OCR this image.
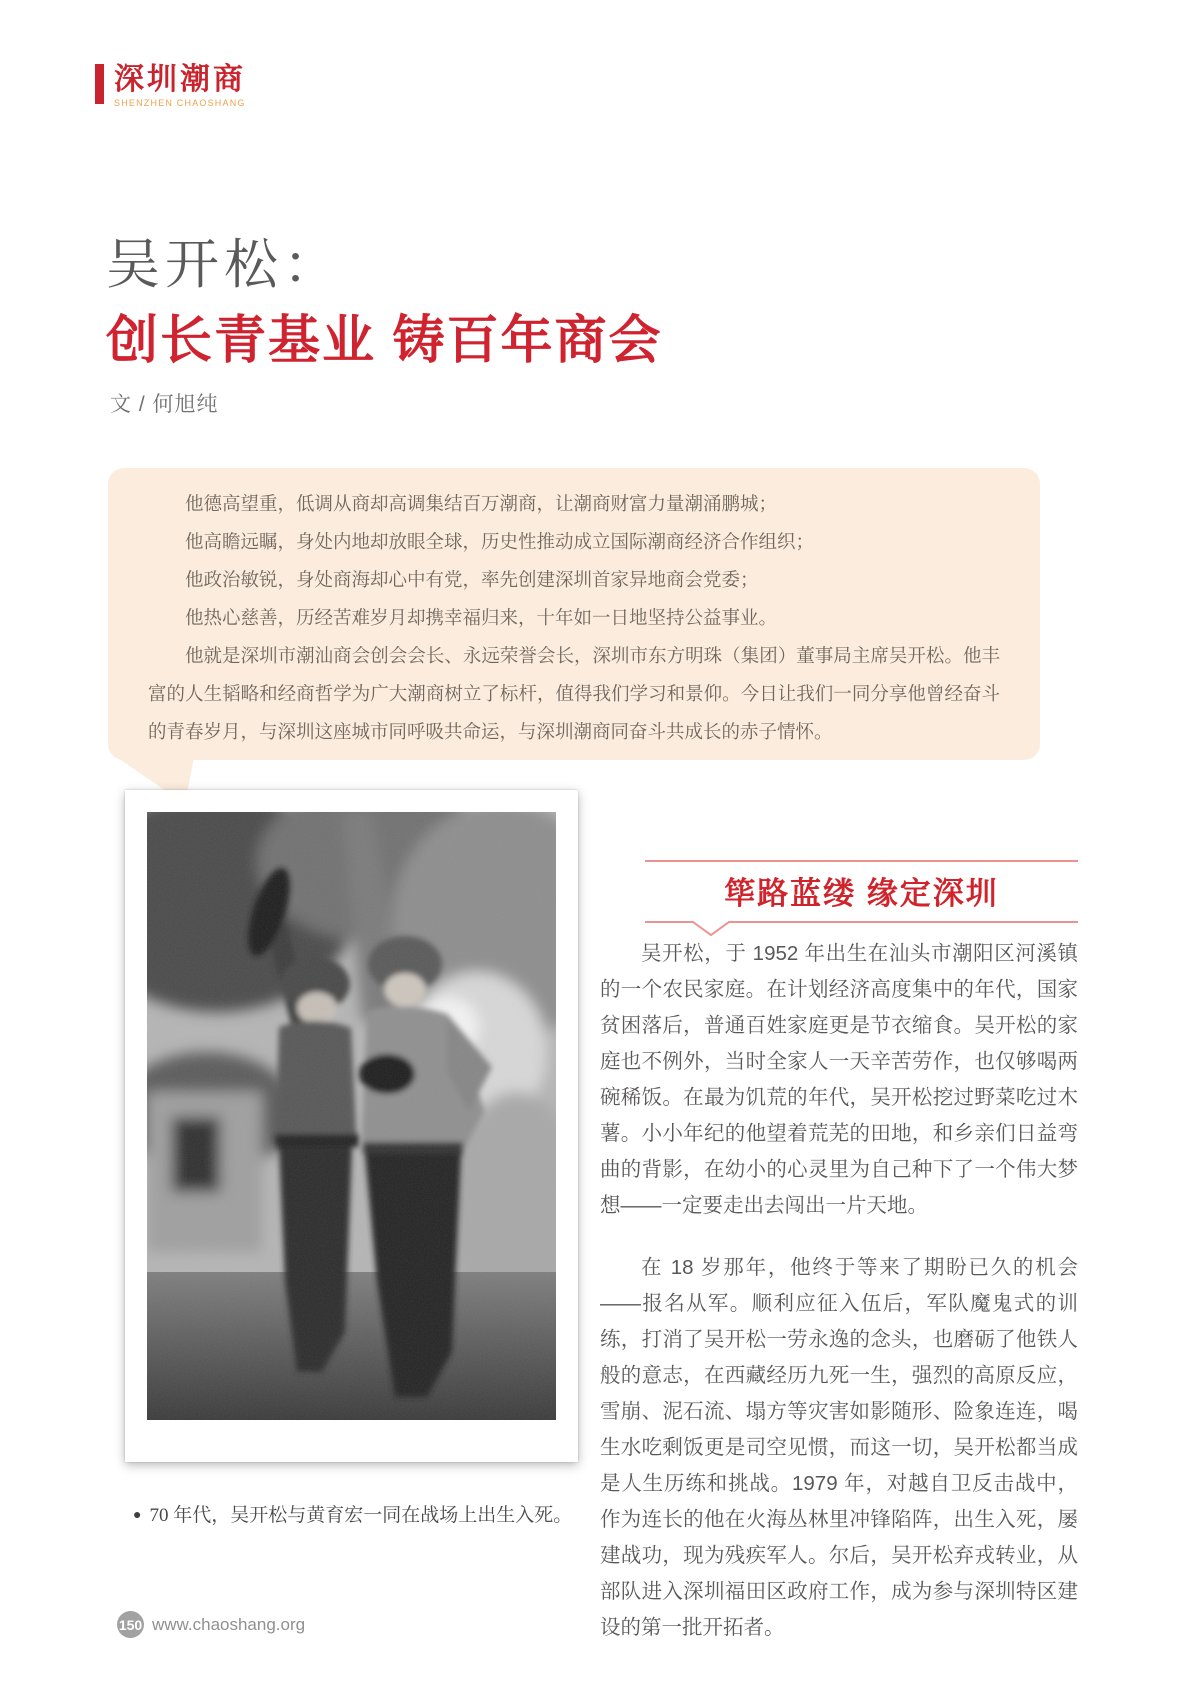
深圳潮商
SHENZHEN CHAOSHANG
吴开松：
创长青基业 铸百年商会
文 / 何旭纯

他德高望重，低调从商却高调集结百万潮商，让潮商财富力量潮涌鹏城；

他高瞻远瞩，身处内地却放眼全球，历史性推动成立国际潮商经济合作组织；

他政治敏锐，身处商海却心中有党，率先创建深圳首家异地商会党委；

他热心慈善，历经苦难岁月却携幸福归来，十年如一日地坚持公益事业。

他就是深圳市潮汕商会创会会长、永远荣誉会长，深圳市东方明珠（集团）董事局主席吴开松。他丰富的人生韬略和经商哲学为广大潮商树立了标杆，值得我们学习和景仰。今日让我们一同分享他曾经奋斗的青春岁月，与深圳这座城市同呼吸共命运，与深圳潮商同奋斗共成长的赤子情怀。

● 70 年代，吴开松与黄育宏一同在战场上出生入死。
筚路蓝缕 缘定深圳

吴开松，于 1952 年出生在汕头市潮阳区河溪镇的一个农民家庭。在计划经济高度集中的年代，国家贫困落后，普通百姓家庭更是节衣缩食。吴开松的家庭也不例外，当时全家人一天辛苦劳作，也仅够喝两碗稀饭。在最为饥荒的年代，吴开松挖过野菜吃过木薯。小小年纪的他望着荒芜的田地，和乡亲们日益弯曲的背影，在幼小的心灵里为自己种下了一个伟大梦想——一定要走出去闯出一片天地。

在 18 岁那年，他终于等来了期盼已久的机会——报名从军。顺利应征入伍后，军队魔鬼式的训练，打消了吴开松一劳永逸的念头，也磨砺了他铁人般的意志，在西藏经历九死一生，强烈的高原反应，雪崩、泥石流、塌方等灾害如影随形、险象连连，喝生水吃剩饭更是司空见惯，而这一切，吴开松都当成是人生历练和挑战。1979 年，对越自卫反击战中，作为连长的他在火海丛林里冲锋陷阵，出生入死，屡建战功，现为残疾军人。尔后，吴开松弃戎转业，从部队进入深圳福田区政府工作，成为参与深圳特区建设的第一批开拓者。

150 www.chaoshang.org
